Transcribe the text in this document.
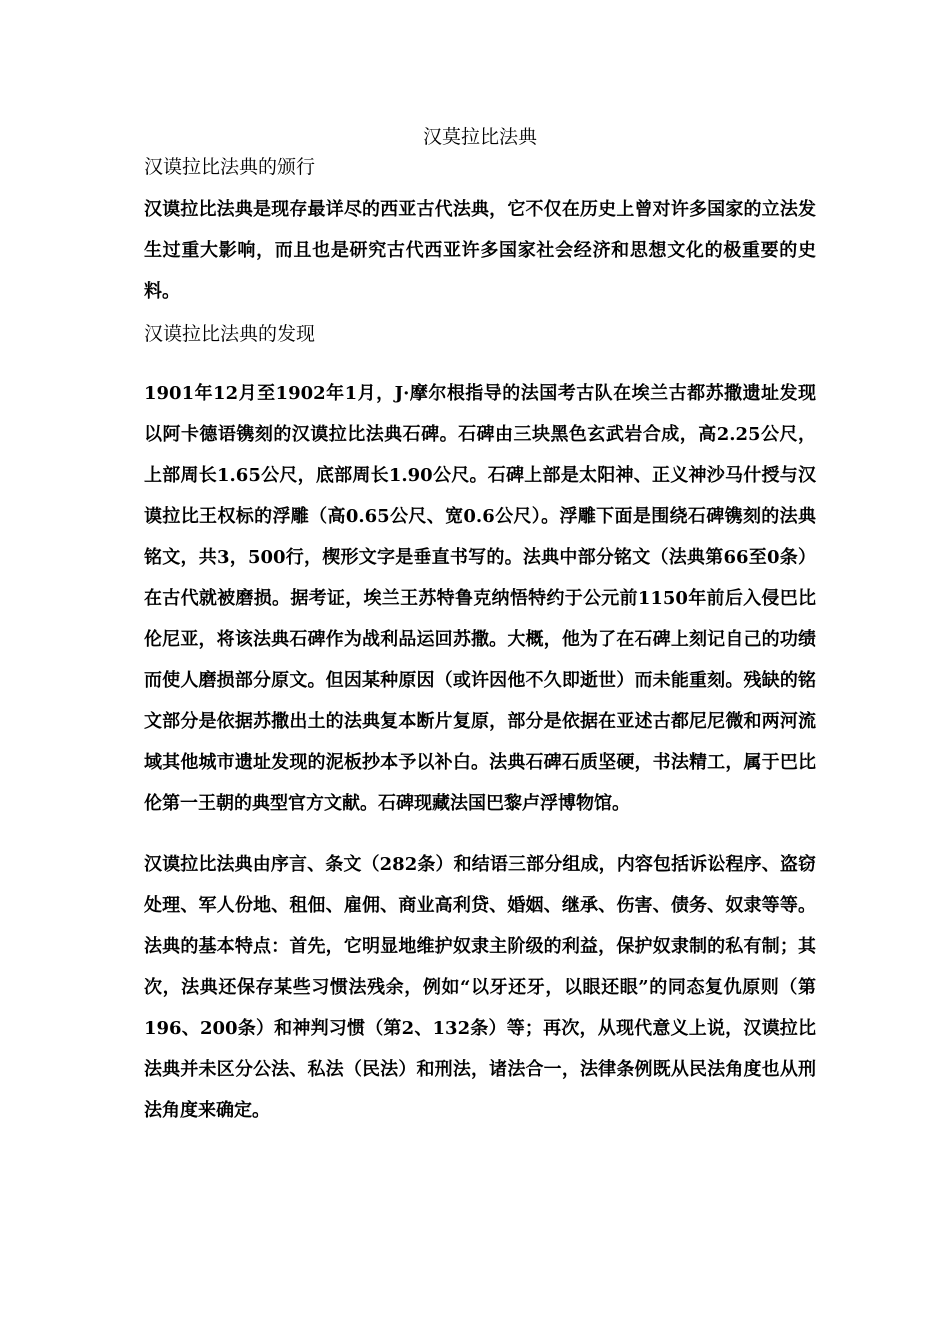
汉莫拉比法典
汉谟拉比法典的颁行

汉谟拉比法典是现存最详尽的西亚古代法典，它不仅在历史上曾对许多国家的立法发生过重大影响，而且也是研究古代西亚许多国家社会经济和思想文化的极重要的史料。

汉谟拉比法典的发现

1901年12月至1902年1月，J·摩尔根指导的法国考古队在埃兰古都苏撒遗址发现以阿卡德语镌刻的汉谟拉比法典石碑。石碑由三块黑色玄武岩合成，高2.25公尺，上部周长1.65公尺，底部周长1.90公尺。石碑上部是太阳神、正义神沙马什授与汉谟拉比王权标的浮雕（高0.65公尺、宽0.6公尺）。浮雕下面是围绕石碑镌刻的法典铭文，共3，500行，楔形文字是垂直书写的。法典中部分铭文（法典第66至0条）在古代就被磨损。据考证，埃兰王苏特鲁克纳悟特约于公元前1150年前后入侵巴比伦尼亚，将该法典石碑作为战利品运回苏撒。大概，他为了在石碑上刻记自己的功绩而使人磨损部分原文。但因某种原因（或许因他不久即逝世）而未能重刻。残缺的铭文部分是依据苏撒出土的法典复本断片复原，部分是依据在亚述古都尼尼微和两河流域其他城市遗址发现的泥板抄本予以补白。法典石碑石质坚硬，书法精工，属于巴比伦第一王朝的典型官方文献。石碑现藏法国巴黎卢浮博物馆。

汉谟拉比法典由序言、条文（282条）和结语三部分组成，内容包括诉讼程序、盗窃处理、军人份地、租佃、雇佣、商业高利贷、婚姻、继承、伤害、债务、奴隶等等。法典的基本特点：首先，它明显地维护奴隶主阶级的利益，保护奴隶制的私有制；其次，法典还保存某些习惯法残余，例如“以牙还牙，以眼还眼”的同态复仇原则（第196、200条）和神判习惯（第2、132条）等；再次，从现代意义上说，汉谟拉比法典并未区分公法、私法（民法）和刑法，诸法合一，法律条例既从民法角度也从刑法角度来确定。
